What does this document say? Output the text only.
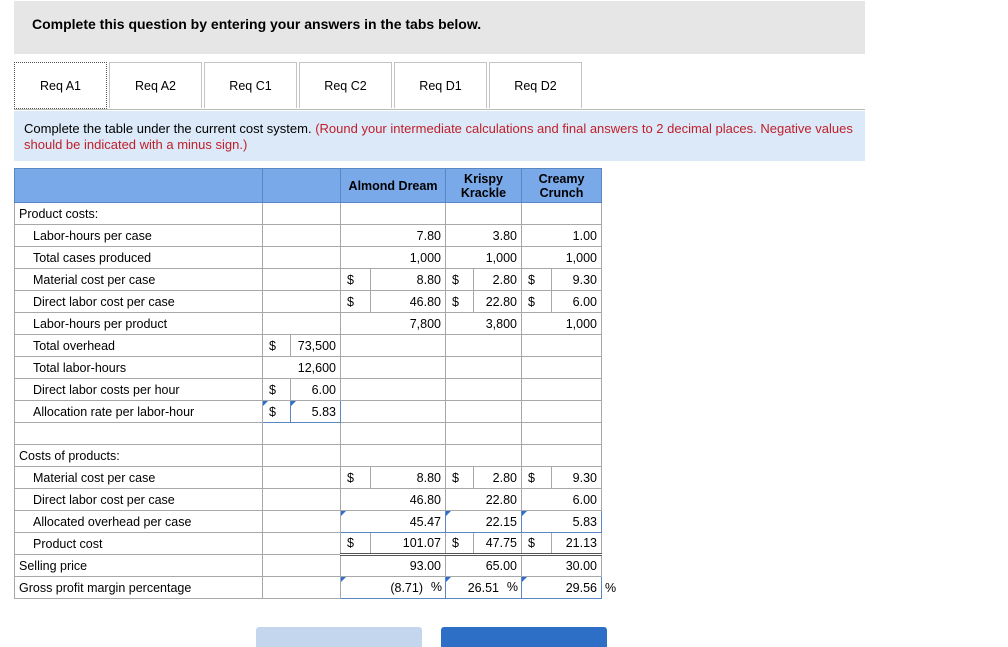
Complete this question by entering your answers in the tabs below.
Req A1	Req A2	Req C1	Req C2	Req D1	Req D2
Complete the table under the current cost system. (Round your intermediate calculations and final answers to 2 decimal places. Negative values should be indicated with a minus sign.)
			Almond Dream		Krispy Krackle		Creamy Crunch		
Product costs:									
Labor-hours per case			7.80		3.80		1.00		
Total cases produced			1,000		1,000		1,000		
Material cost per case			$	8.80	$	2.80	$	9.30	
Direct labor cost per case			$	46.80	$	22.80	$	6.00	
Labor-hours per product			7,800		3,800		1,000		
Total overhead	$	73,500							
Total labor-hours	12,600								
Direct labor costs per hour	$	6.00							
Allocation rate per labor-hour	$	5.83							

Costs of products:									
Material cost per case			$	8.80	$	2.80	$	9.30	
Direct labor cost per case			46.80		22.80		6.00		
Allocated overhead per case			45.47		22.15		5.83		
Product cost			$	101.07	$	47.75	$	21.13	
Selling price			93.00		65.00		30.00		
Gross profit margin percentage			(8.71) %		26.51 %		29.56		%
